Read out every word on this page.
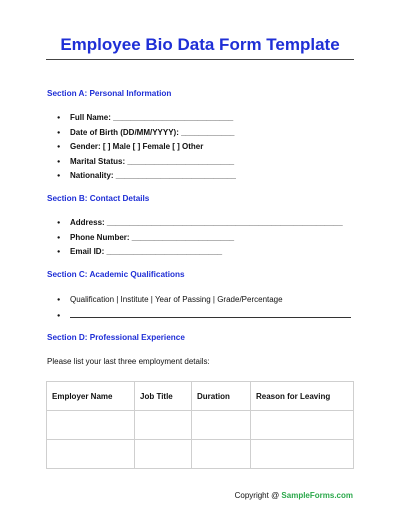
Employee Bio Data Form Template
Section A: Personal Information
Full Name: ___________________________
Date of Birth (DD/MM/YYYY): ____________
Gender: [ ] Male [ ] Female [ ] Other
Marital Status: ________________________
Nationality: ___________________________
Section B: Contact Details
Address: _____________________________________________________
Phone Number: _______________________
Email ID: __________________________
Section C: Academic Qualifications
Qualification | Institute | Year of Passing | Grade/Percentage
●
Section D: Professional Experience
Please list your last three employment details:
Employer Name	Job Title	Duration	Reason for Leaving

Copyright @ SampleForms.com
